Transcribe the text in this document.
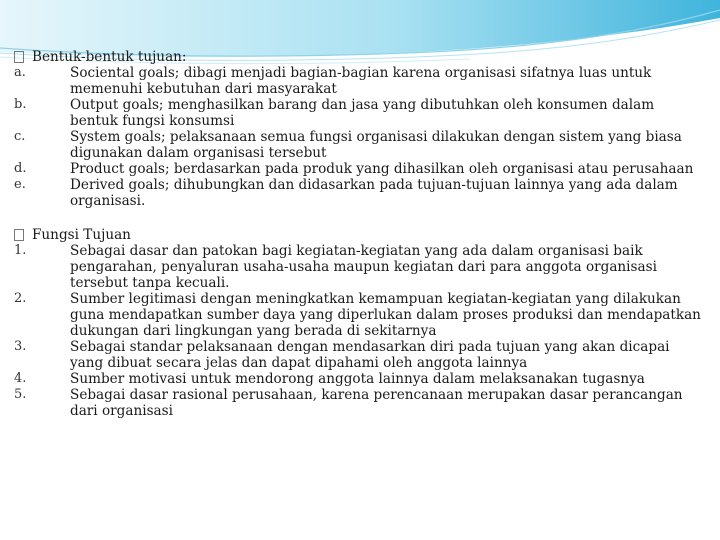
Bentuk-bentuk tujuan:
a.	Sociental goals; dibagi menjadi bagian-bagian karena organisasi sifatnya luas untuk memenuhi kebutuhan dari masyarakat
b.	Output goals; menghasilkan barang dan jasa yang dibutuhkan oleh konsumen dalam bentuk fungsi konsumsi
c.	System goals; pelaksanaan semua fungsi organisasi dilakukan dengan sistem yang biasa digunakan dalam organisasi tersebut
d.	Product goals; berdasarkan pada produk yang dihasilkan oleh organisasi atau perusahaan
e.	Derived goals; dihubungkan dan didasarkan pada tujuan-tujuan lainnya yang ada dalam organisasi.
Fungsi Tujuan
1.	Sebagai dasar dan patokan bagi kegiatan-kegiatan yang ada dalam organisasi baik pengarahan, penyaluran usaha-usaha maupun kegiatan dari para anggota organisasi tersebut tanpa kecuali.
2.	Sumber legitimasi dengan meningkatkan kemampuan kegiatan-kegiatan yang dilakukan guna mendapatkan sumber daya yang diperlukan dalam proses produksi dan mendapatkan dukungan dari lingkungan yang berada di sekitarnya
3.	Sebagai standar pelaksanaan dengan mendasarkan diri pada tujuan yang akan dicapai yang dibuat secara jelas dan dapat dipahami oleh anggota lainnya
4.	Sumber motivasi untuk mendorong anggota lainnya dalam melaksanakan tugasnya
5.	Sebagai dasar rasional perusahaan, karena perencanaan merupakan dasar perancangan dari organisasi
